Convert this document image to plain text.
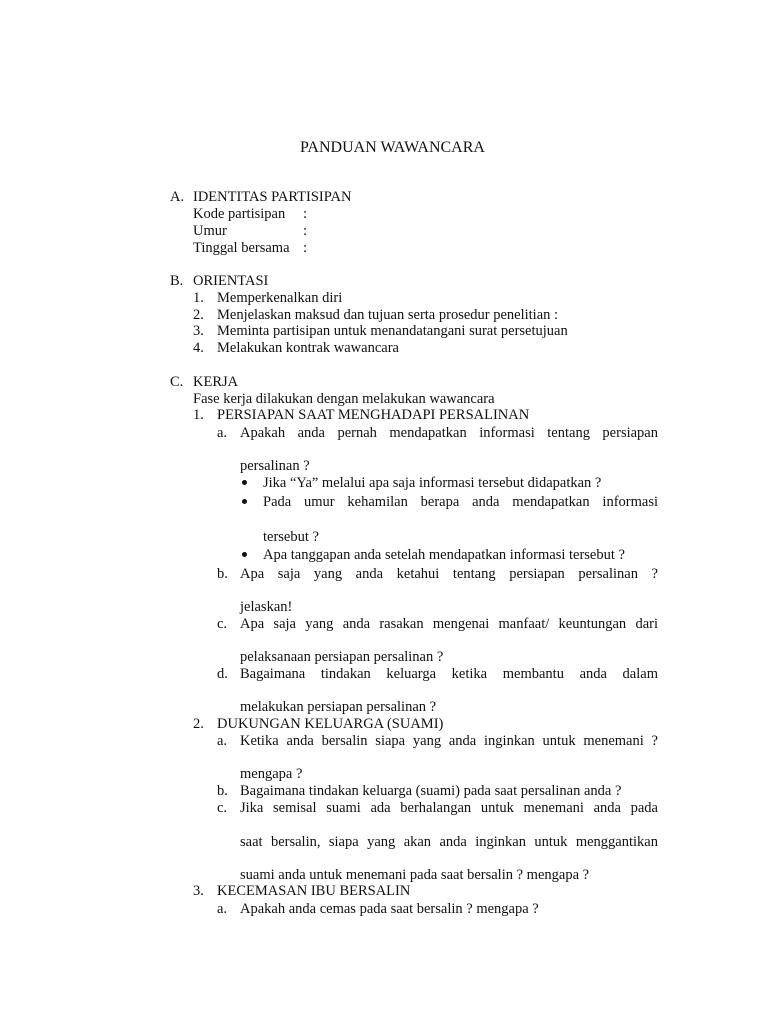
PANDUAN WAWANCARA
A. IDENTITAS PARTISIPAN
Kode partisipan :
Umur	:
Tinggal bersama :
B. ORIENTASI
1. Memperkenalkan diri
2. Menjelaskan maksud dan tujuan serta prosedur penelitian :
3. Meminta partisipan untuk menandatangani surat persetujuan
4. Melakukan kontrak wawancara
C. KERJA
Fase kerja dilakukan dengan melakukan wawancara
1. PERSIAPAN SAAT MENGHADAPI PERSALINAN
a. Apakah anda pernah mendapatkan informasi tentang persiapan
persalinan ?
Jika “Ya” melalui apa saja informasi tersebut didapatkan ?
Pada umur kehamilan berapa anda mendapatkan informasi
tersebut ?
Apa tanggapan anda setelah mendapatkan informasi tersebut ?
b. Apa saja yang anda ketahui tentang persiapan persalinan ?
jelaskan!
c. Apa saja yang anda rasakan mengenai manfaat/ keuntungan dari
pelaksanaan persiapan persalinan ?
d. Bagaimana tindakan keluarga ketika membantu anda dalam
melakukan persiapan persalinan ?
2. DUKUNGAN KELUARGA (SUAMI)
a. Ketika anda bersalin siapa yang anda inginkan untuk menemani ?
mengapa ?
b. Bagaimana tindakan keluarga (suami) pada saat persalinan anda ?
c. Jika semisal suami ada berhalangan untuk menemani anda pada
saat bersalin, siapa yang akan anda inginkan untuk menggantikan
suami anda untuk menemani pada saat bersalin ? mengapa ?
3. KECEMASAN IBU BERSALIN
a. Apakah anda cemas pada saat bersalin ? mengapa ?
